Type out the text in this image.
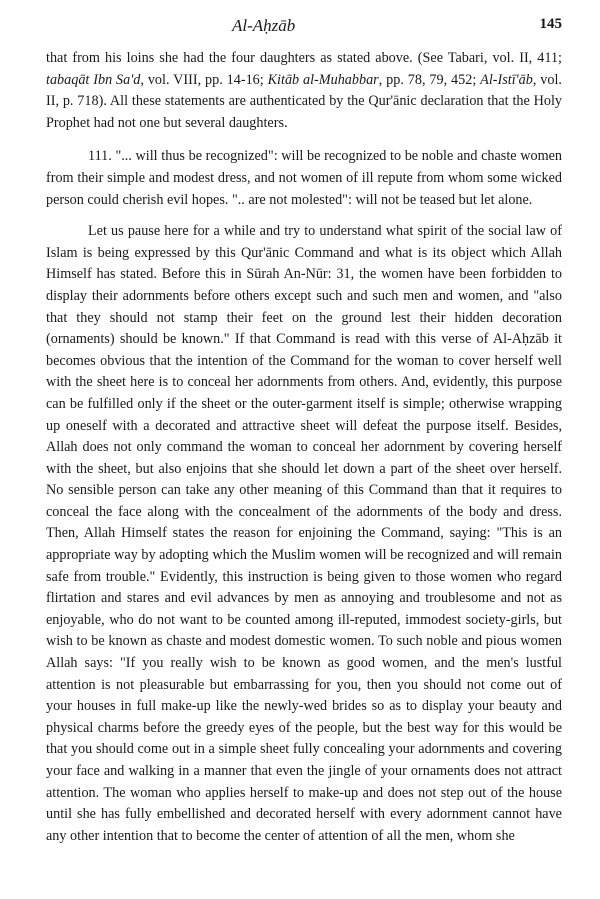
Al-Aḥzāb	145

that from his loins she had the four daughters as stated above. (See Tabari, vol. II, 411; tabaqāt Ibn Sa'd, vol. VIII, pp. 14-16; Kitāb al-Muhabbar, pp. 78, 79, 452; Al-Istī'āb, vol. II, p. 718). All these statements are authenticated by the Qur'ānic declaration that the Holy Prophet had not one but several daughters.

111. "... will thus be recognized": will be recognized to be noble and chaste women from their simple and modest dress, and not women of ill repute from whom some wicked person could cherish evil hopes. ".. are not molested": will not be teased but let alone.

Let us pause here for a while and try to understand what spirit of the social law of Islam is being expressed by this Qur'ānic Command and what is its object which Allah Himself has stated. Before this in Sūrah An-Nūr: 31, the women have been forbidden to display their adornments before others except such and such men and women, and "also that they should not stamp their feet on the ground lest their hidden decoration (ornaments) should be known." If that Command is read with this verse of Al-Aḥzāb it becomes obvious that the intention of the Command for the woman to cover herself well with the sheet here is to conceal her adornments from others. And, evidently, this purpose can be fulfilled only if the sheet or the outer-garment itself is simple; otherwise wrapping up oneself with a decorated and attractive sheet will defeat the purpose itself. Besides, Allah does not only command the woman to conceal her adornment by covering herself with the sheet, but also enjoins that she should let down a part of the sheet over herself. No sensible person can take any other meaning of this Command than that it requires to conceal the face along with the concealment of the adornments of the body and dress. Then, Allah Himself states the reason for enjoining the Command, saying: "This is an appropriate way by adopting which the Muslim women will be recognized and will remain safe from trouble." Evidently, this instruction is being given to those women who regard flirtation and stares and evil advances by men as annoying and troublesome and not as enjoyable, who do not want to be counted among ill-reputed, immodest society-girls, but wish to be known as chaste and modest domestic women. To such noble and pious women Allah says: "If you really wish to be known as good women, and the men's lustful attention is not pleasurable but embarrassing for you, then you should not come out of your houses in full make-up like the newly-wed brides so as to display your beauty and physical charms before the greedy eyes of the people, but the best way for this would be that you should come out in a simple sheet fully concealing your adornments and covering your face and walking in a manner that even the jingle of your ornaments does not attract attention. The woman who applies herself to make-up and does not step out of the house until she has fully embellished and decorated herself with every adornment cannot have any other intention that to become the center of attention of all the men, whom she
